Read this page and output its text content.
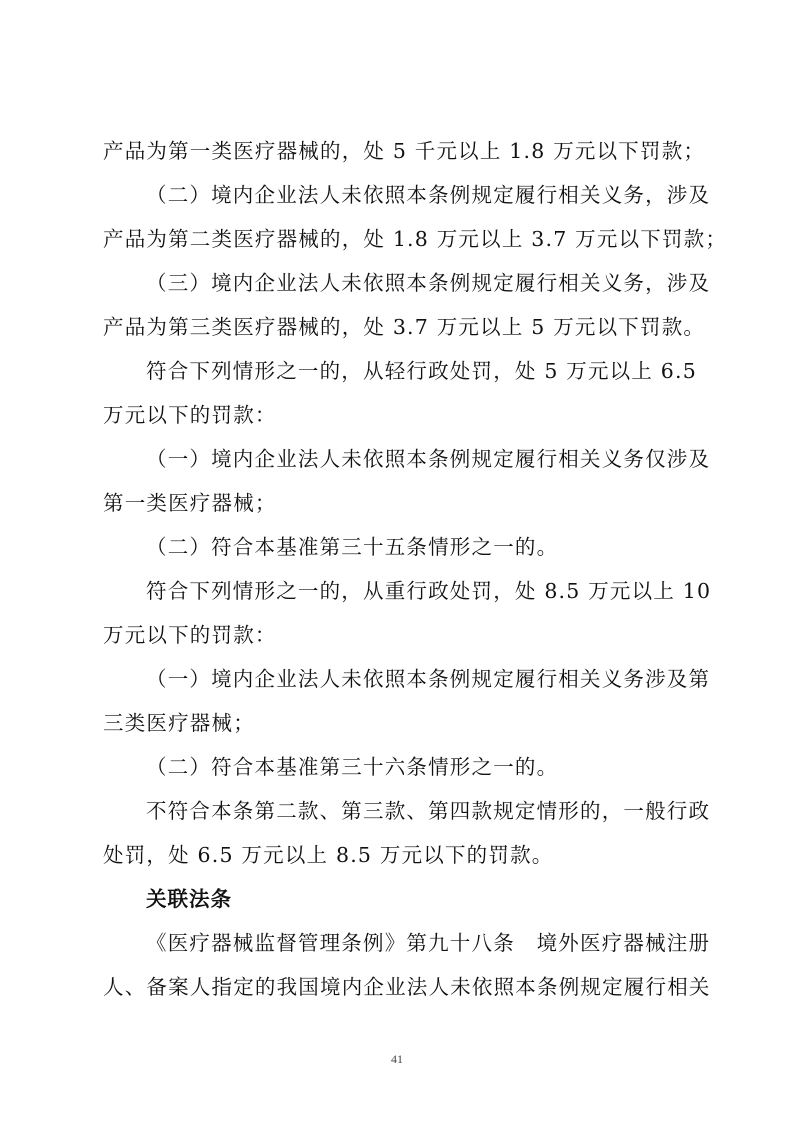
产品为第一类医疗器械的，处 5 千元以上 1.8 万元以下罚款；
（二）境内企业法人未依照本条例规定履行相关义务，涉及
产品为第二类医疗器械的，处 1.8 万元以上 3.7 万元以下罚款；
（三）境内企业法人未依照本条例规定履行相关义务，涉及
产品为第三类医疗器械的，处 3.7 万元以上 5 万元以下罚款。
符合下列情形之一的，从轻行政处罚，处 5 万元以上 6.5
万元以下的罚款：
（一）境内企业法人未依照本条例规定履行相关义务仅涉及
第一类医疗器械；
（二）符合本基准第三十五条情形之一的。
符合下列情形之一的，从重行政处罚，处 8.5 万元以上 10
万元以下的罚款：
（一）境内企业法人未依照本条例规定履行相关义务涉及第
三类医疗器械；
（二）符合本基准第三十六条情形之一的。
不符合本条第二款、第三款、第四款规定情形的，一般行政
处罚，处 6.5 万元以上 8.5 万元以下的罚款。
关联法条
《医疗器械监督管理条例》第九十八条　境外医疗器械注册
人、备案人指定的我国境内企业法人未依照本条例规定履行相关
41
